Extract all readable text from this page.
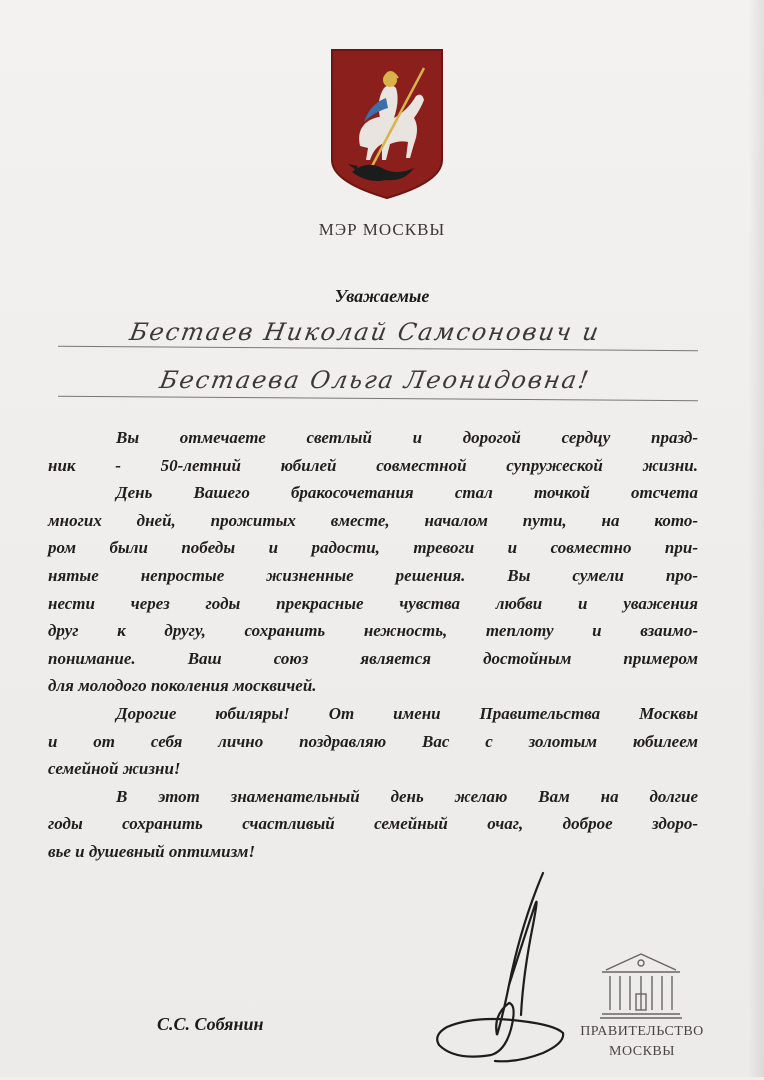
МЭР МОСКВЫ
Уважаемые
Бестаев Николай Самсонович и
Бестаева Ольга Леонидовна!
Вы отмечаете светлый и дорогой сердцу празд-
ник - 50-летний юбилей совместной супружеской жизни.
День Вашего бракосочетания стал точкой отсчета
многих дней, прожитых вместе, началом пути, на кото-
ром были победы и радости, тревоги и совместно при-
нятые непростые жизненные решения. Вы сумели про-
нести через годы прекрасные чувства любви и уважения
друг к другу, сохранить нежность, теплоту и взаимо-
понимание. Ваш союз является достойным примером
для молодого поколения москвичей.
Дорогие юбиляры! От имени Правительства Москвы
и от себя лично поздравляю Вас с золотым юбилеем
семейной жизни!
В этот знаменательный день желаю Вам на долгие
годы сохранить счастливый семейный очаг, доброе здоро-
вье и душевный оптимизм!
С.С. Собянин	ПРАВИТЕЛЬСТВО
МОСКВЫ
